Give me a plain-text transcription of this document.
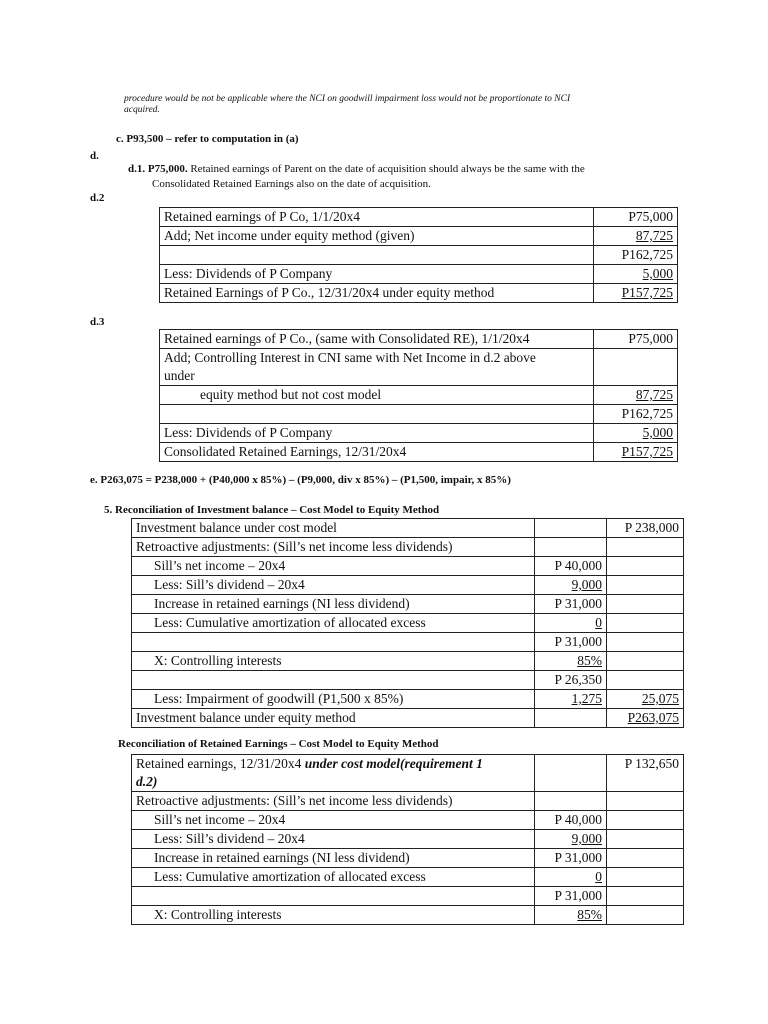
procedure would be not be applicable where the NCI on goodwill impairment loss would not be proportionate to NCI
acquired.
c. P93,500 – refer to computation in (a)
d.
d.1. P75,000. Retained earnings of Parent on the date of acquisition should always be the same with the
Consolidated Retained Earnings also on the date of acquisition.
d.2
Retained earnings of P Co, 1/1/20x4	P75,000
Add; Net income under equity method (given)	87,725
	P162,725
Less: Dividends of P Company	5,000
Retained Earnings of P Co., 12/31/20x4 under equity method	P157,725
d.3
Retained earnings of P Co., (same with Consolidated RE), 1/1/20x4	P75,000

Add; Controlling Interest in CNI same with Net Income in d.2 above
under	

equity method but not cost model	87,725
	P162,725
Less: Dividends of P Company	5,000
Consolidated Retained Earnings, 12/31/20x4	P157,725
e. P263,075 = P238,000 + (P40,000 x 85%) – (P9,000, div x 85%) – (P1,500, impair, x 85%)
5. Reconciliation of Investment balance – Cost Model to Equity Method
Investment balance under cost model		P 238,000
Retroactive adjustments: (Sill’s net income less dividends)		
Sill’s net income – 20x4	P 40,000	
Less: Sill’s dividend – 20x4	9,000	
Increase in retained earnings (NI less dividend)	P 31,000	
Less: Cumulative amortization of allocated excess	0	
	P 31,000	
X: Controlling interests	85%	
	P 26,350	
Less: Impairment of goodwill (P1,500 x 85%)	1,275	25,075
Investment balance under equity method		P263,075
Reconciliation of Retained Earnings – Cost Model to Equity Method
Retained earnings, 12/31/20x4 under cost model(requirement 1
d.2)		P 132,650
Retroactive adjustments: (Sill’s net income less dividends)		
Sill’s net income – 20x4	P 40,000	
Less: Sill’s dividend – 20x4	9,000	
Increase in retained earnings (NI less dividend)	P 31,000	
Less: Cumulative amortization of allocated excess	0	
	P 31,000	
X: Controlling interests	85%	
